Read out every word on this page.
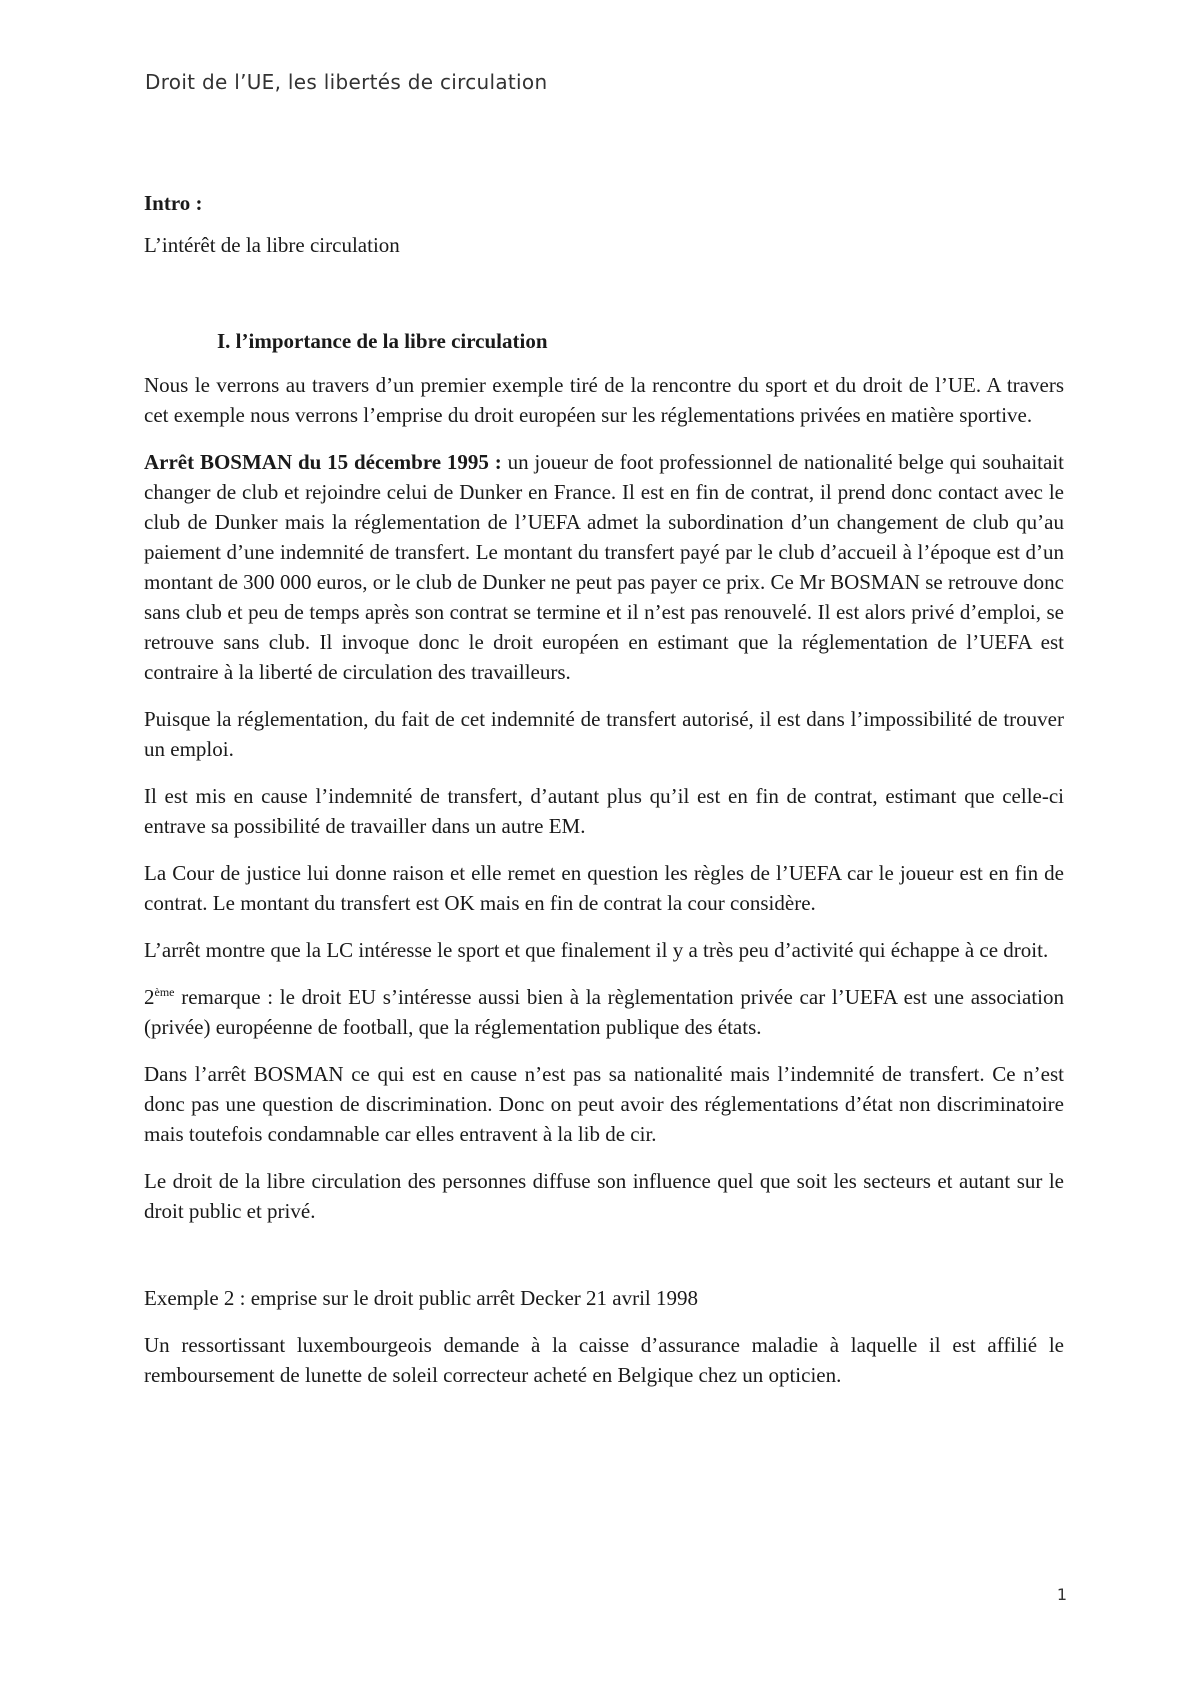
Droit de l’UE, les libertés de circulation

Intro :

L’intérêt de la libre circulation

I. l’importance de la libre circulation

Nous le verrons au travers d’un premier exemple tiré de la rencontre du sport et du droit de l’UE. A travers cet exemple nous verrons l’emprise du droit européen sur les réglementations privées en matière sportive.

Arrêt BOSMAN du 15 décembre 1995 : un joueur de foot professionnel de nationalité belge qui souhaitait changer de club et rejoindre celui de Dunker en France. Il est en fin de contrat, il prend donc contact avec le club de Dunker mais la réglementation de l’UEFA admet la subordination d’un changement de club qu’au paiement d’une indemnité de transfert. Le montant du transfert payé par le club d’accueil à l’époque est d’un montant de 300 000 euros, or le club de Dunker ne peut pas payer ce prix. Ce Mr BOSMAN se retrouve donc sans club et peu de temps après son contrat se termine et il n’est pas renouvelé. Il est alors privé d’emploi, se retrouve sans club. Il invoque donc le droit européen en estimant que la réglementation de l’UEFA est contraire à la liberté de circulation des travailleurs.

Puisque la réglementation, du fait de cet indemnité de transfert autorisé, il est dans l’impossibilité de trouver un emploi.

Il est mis en cause l’indemnité de transfert, d’autant plus qu’il est en fin de contrat, estimant que celle-ci entrave sa possibilité de travailler dans un autre EM.

La Cour de justice lui donne raison et elle remet en question les règles de l’UEFA car le joueur est en fin de contrat. Le montant du transfert est OK mais en fin de contrat la cour considère.

L’arrêt montre que la LC intéresse le sport et que finalement il y a très peu d’activité qui échappe à ce droit.

2ème remarque : le droit EU s’intéresse aussi bien à la règlementation privée car l’UEFA est une association (privée) européenne de football, que la réglementation publique des états.

Dans l’arrêt BOSMAN ce qui est en cause n’est pas sa nationalité mais l’indemnité de transfert. Ce n’est donc pas une question de discrimination. Donc on peut avoir des réglementations d’état non discriminatoire mais toutefois condamnable car elles entravent à la lib de cir.

Le droit de la libre circulation des personnes diffuse son influence quel que soit les secteurs et autant sur le droit public et privé.

Exemple 2 : emprise sur le droit public arrêt Decker 21 avril 1998

Un ressortissant luxembourgeois demande à la caisse d’assurance maladie à laquelle il est affilié le remboursement de lunette de soleil correcteur acheté en Belgique chez un opticien.

1
